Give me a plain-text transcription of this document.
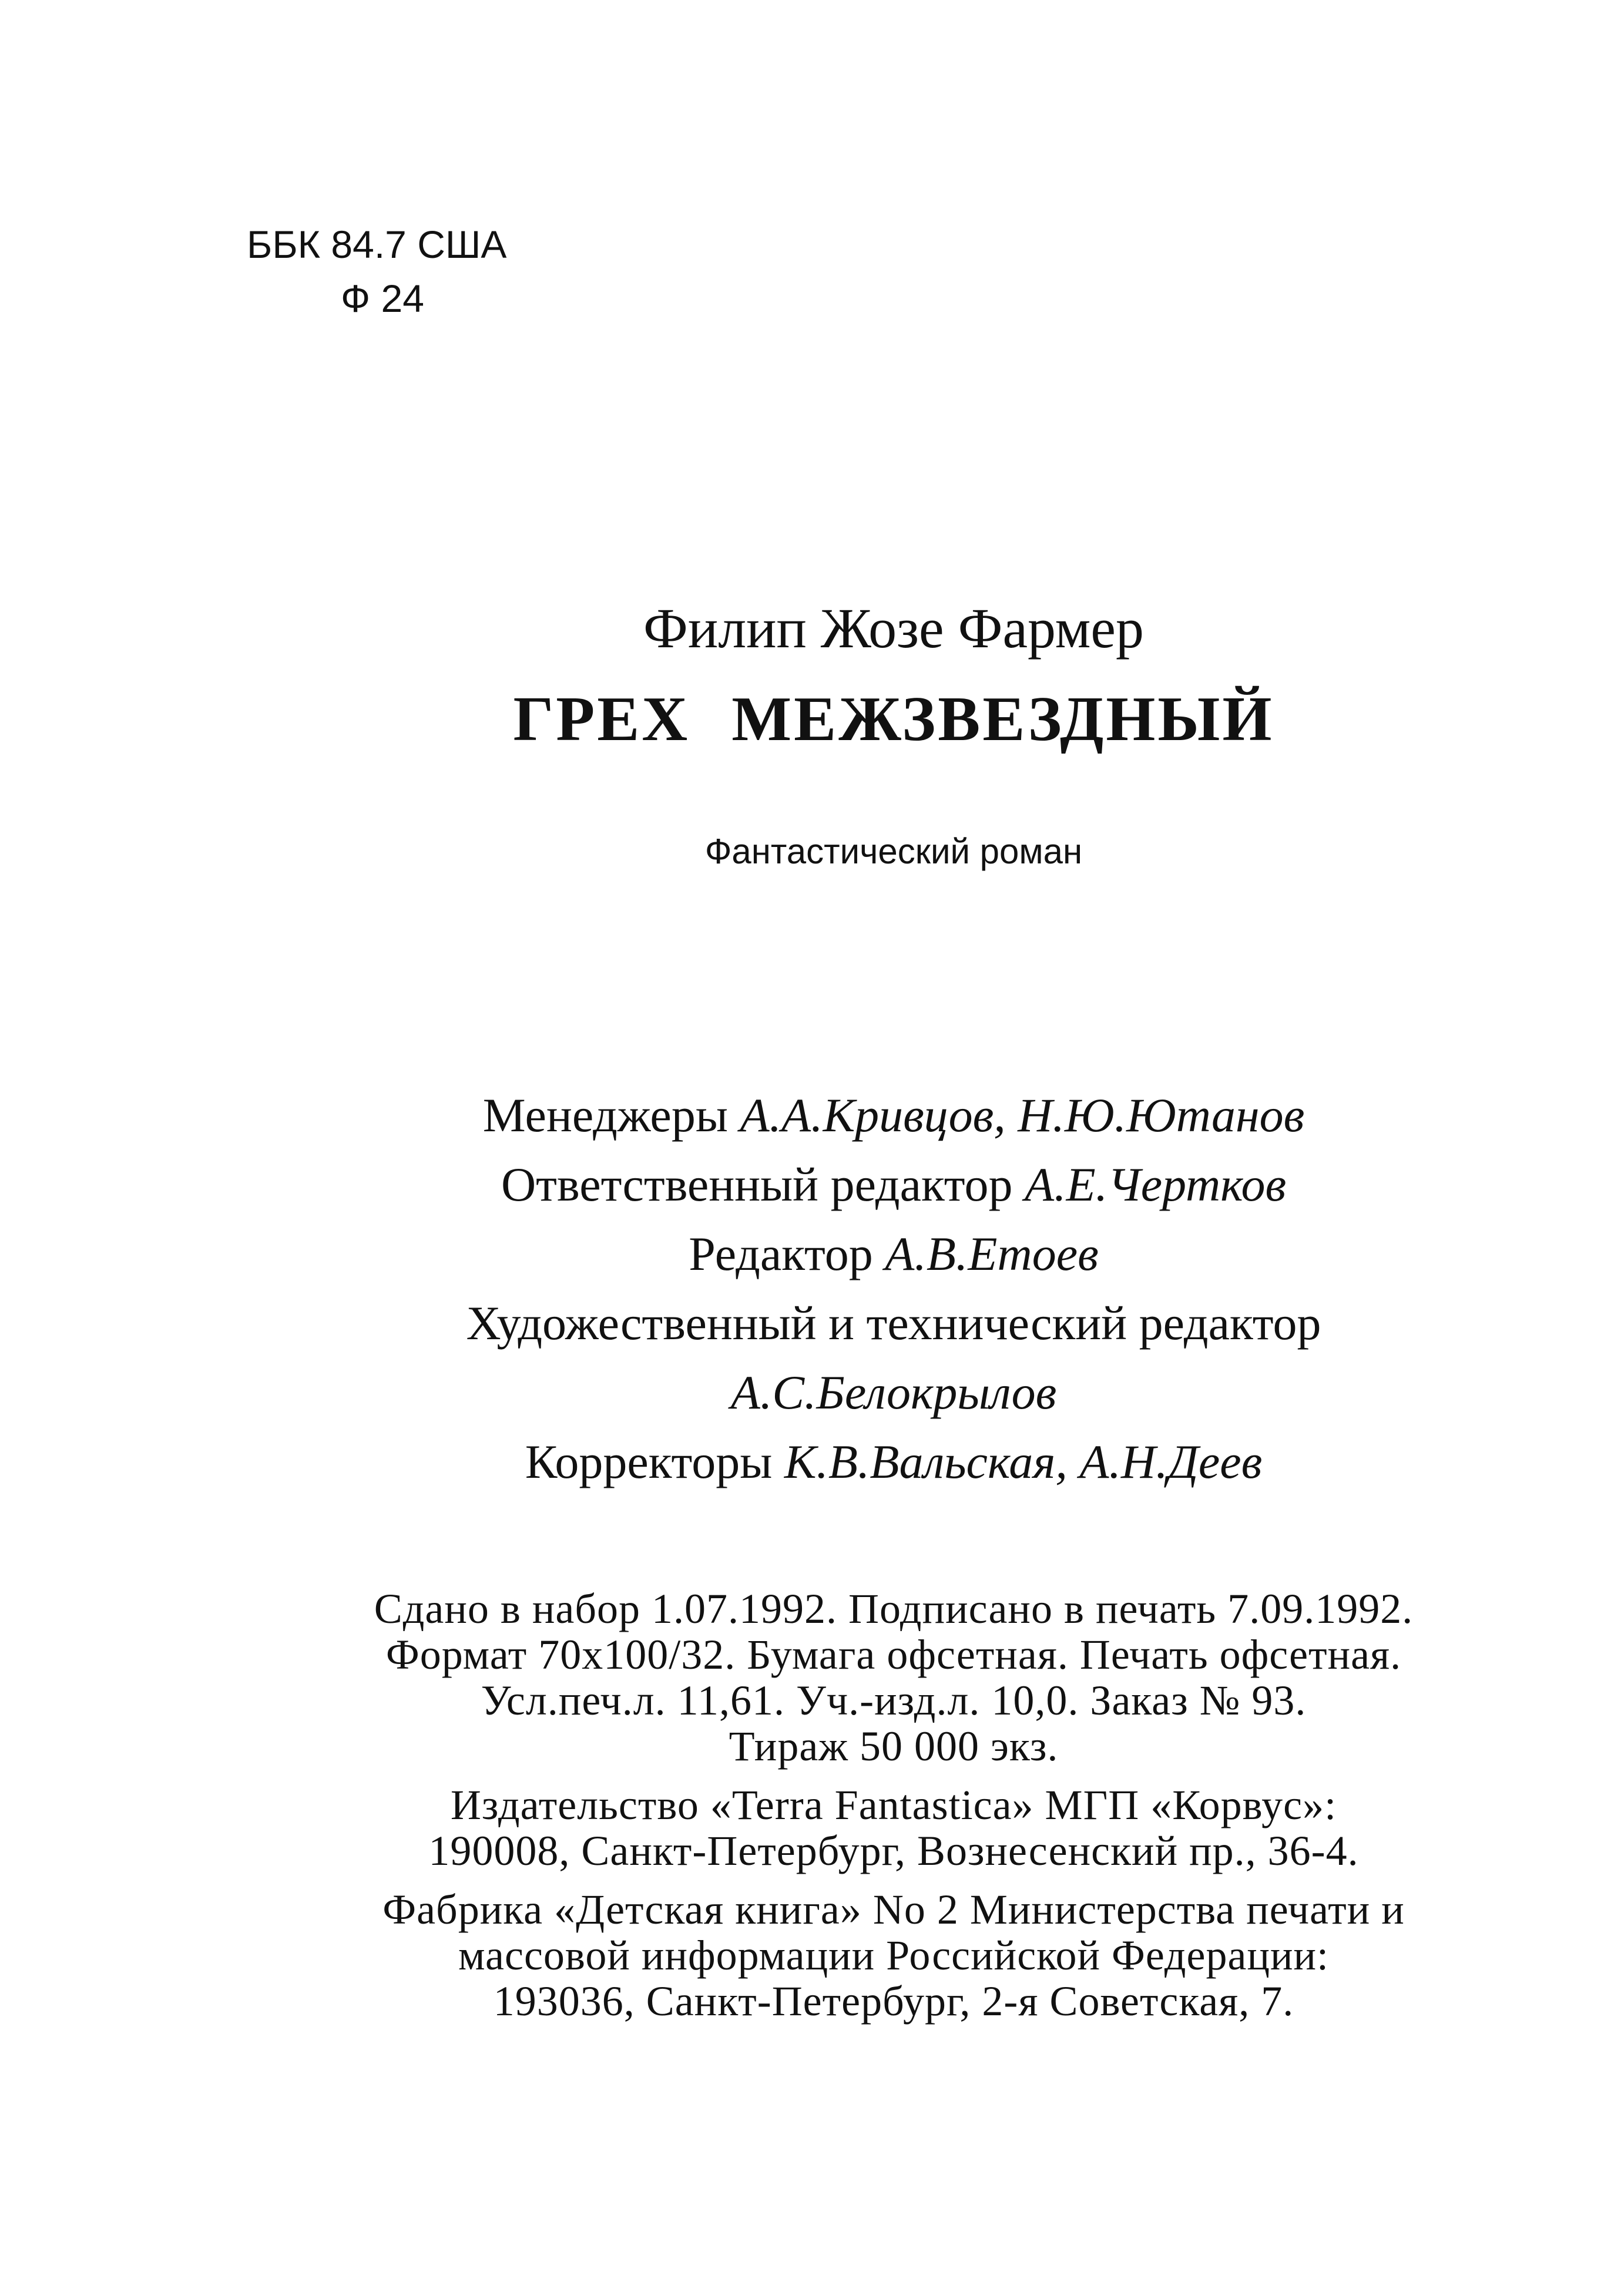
ББК 84.7 США
Ф 24
Филип Жозе Фармер
ГРЕХ МЕЖЗВЕЗДНЫЙ
Фантастический роман
Менеджеры А.А.Кривцов, Н.Ю.Ютанов
Ответственный редактор А.Е.Чертков
Редактор А.В.Етоев
Художественный и технический редактор
А.С.Белокрылов
Корректоры К.В.Вальская, А.Н.Деев
Сдано в набор 1.07.1992. Подписано в печать 7.09.1992.
Формат 70х100/32. Бумага офсетная. Печать офсетная.
Усл.печ.л. 11,61. Уч.-изд.л. 10,0. Заказ № 93.
Тираж 50 000 экз.
Издательство «Terra Fantastica» МГП «Корвус»:
190008, Санкт-Петербург, Вознесенский пр., 36-4.
Фабрика «Детская книга» No 2 Министерства печати и
массовой информации Российской Федерации:
193036, Санкт-Петербург, 2-я Советская, 7.
